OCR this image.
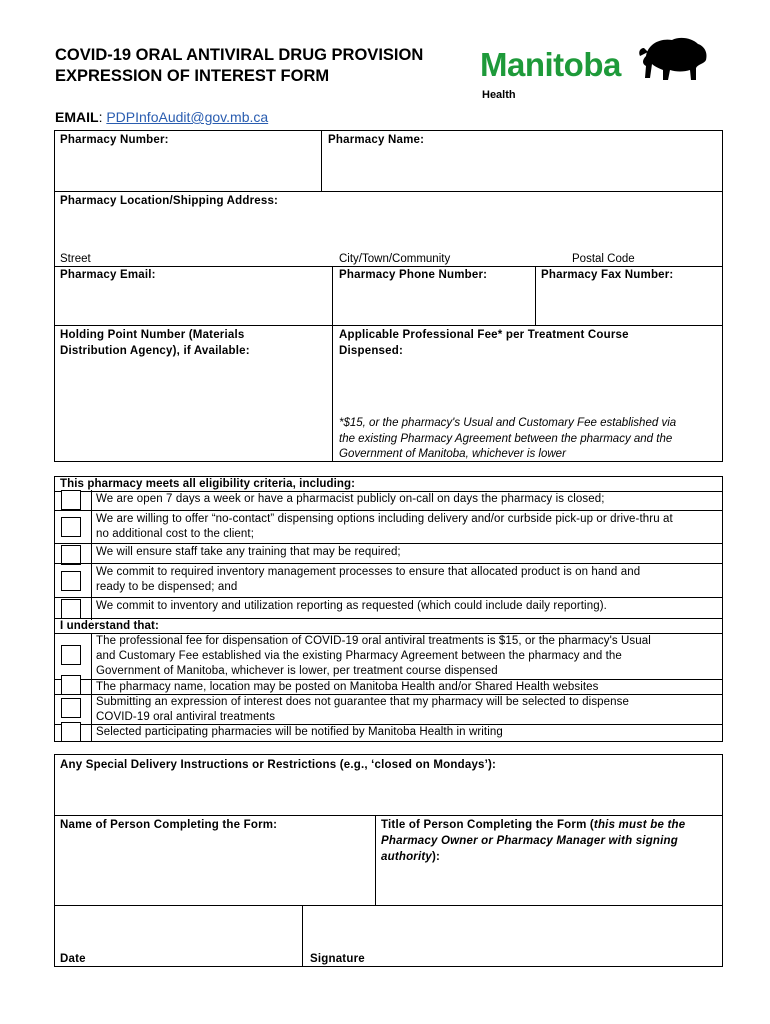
COVID-19 ORAL ANTIVIRAL DRUG PROVISION
EXPRESSION OF INTEREST FORM	Manitoba
Health
EMAIL: PDPInfoAudit@gov.mb.ca
Pharmacy Number:	Pharmacy Name:
Pharmacy Location/Shipping Address:
Street	City/Town/Community	Postal Code
Pharmacy Email:	Pharmacy Phone Number:	Pharmacy Fax Number:
Holding Point Number (Materials
Distribution Agency), if Available:
Applicable Professional Fee* per Treatment Course
Dispensed:
*$15, or the pharmacy's Usual and Customary Fee established via
the existing Pharmacy Agreement between the pharmacy and the
Government of Manitoba, whichever is lower
This pharmacy meets all eligibility criteria, including:
We are open 7 days a week or have a pharmacist publicly on-call on days the pharmacy is closed;
We are willing to offer “no-contact” dispensing options including delivery and/or curbside pick-up or drive-thru at
no additional cost to the client;
We will ensure staff take any training that may be required;
We commit to required inventory management processes to ensure that allocated product is on hand and
ready to be dispensed; and
We commit to inventory and utilization reporting as requested (which could include daily reporting).
I understand that:
The professional fee for dispensation of COVID-19 oral antiviral treatments is $15, or the pharmacy's Usual
and Customary Fee established via the existing Pharmacy Agreement between the pharmacy and the
Government of Manitoba, whichever is lower, per treatment course dispensed
The pharmacy name, location may be posted on Manitoba Health and/or Shared Health websites
Submitting an expression of interest does not guarantee that my pharmacy will be selected to dispense
COVID-19 oral antiviral treatments
Selected participating pharmacies will be notified by Manitoba Health in writing
Any Special Delivery Instructions or Restrictions (e.g., ‘closed on Mondays’):
Name of Person Completing the Form:	Title of Person Completing the Form (this must be the
Pharmacy Owner or Pharmacy Manager with signing
authority):
Date	Signature
